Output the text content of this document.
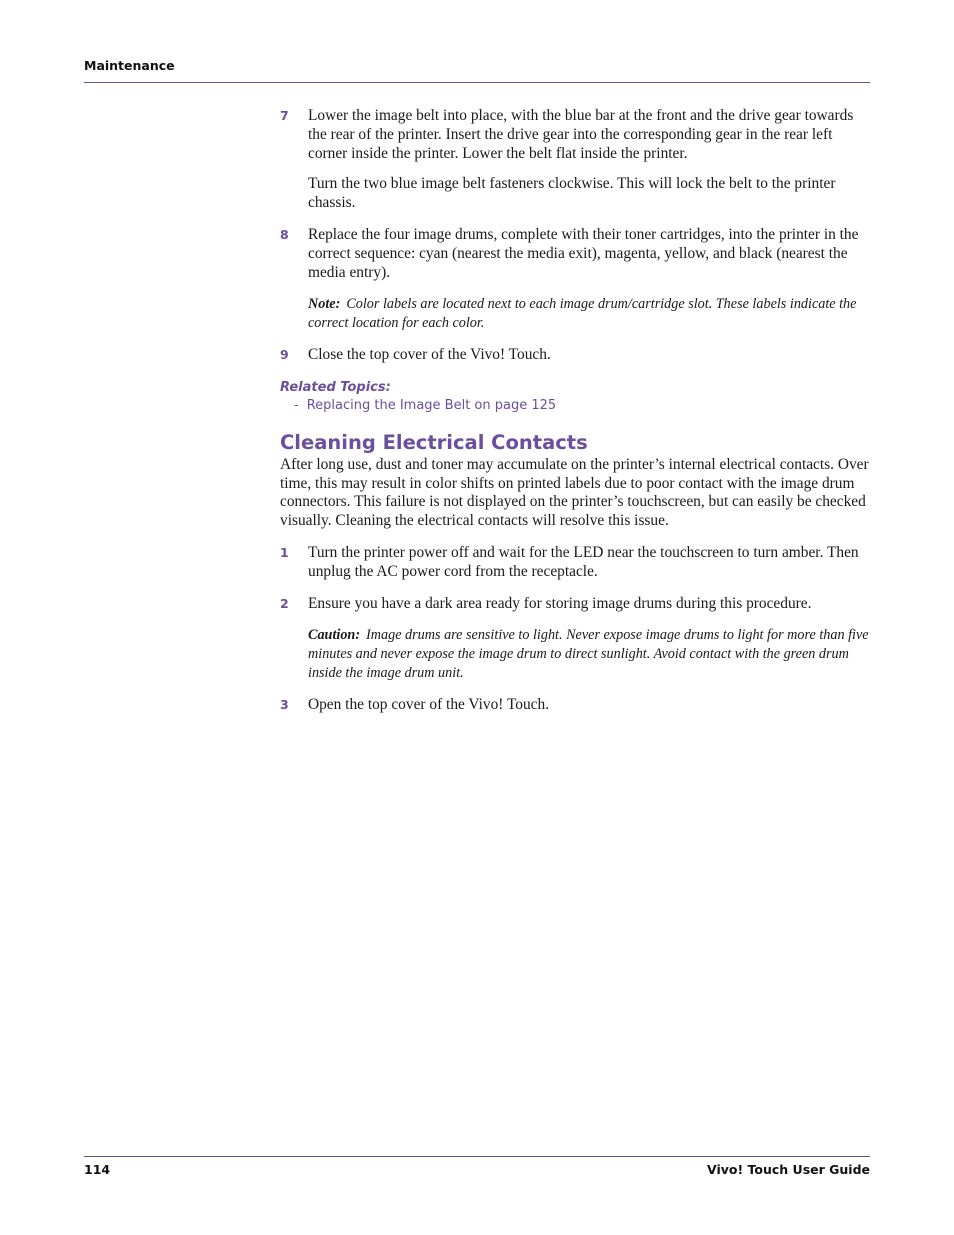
Maintenance
7 Lower the image belt into place, with the blue bar at the front and the drive gear towards the rear of the printer. Insert the drive gear into the corresponding gear in the rear left corner inside the printer. Lower the belt flat inside the printer.
Turn the two blue image belt fasteners clockwise. This will lock the belt to the printer chassis.
8 Replace the four image drums, complete with their toner cartridges, into the printer in the correct sequence: cyan (nearest the media exit), magenta, yellow, and black (nearest the media entry).
Note: Color labels are located next to each image drum/cartridge slot. These labels indicate the correct location for each color.
9 Close the top cover of the Vivo! Touch.
Related Topics:
- Replacing the Image Belt on page 125
Cleaning Electrical Contacts
After long use, dust and toner may accumulate on the printer’s internal electrical contacts. Over time, this may result in color shifts on printed labels due to poor contact with the image drum connectors. This failure is not displayed on the printer’s touchscreen, but can easily be checked visually. Cleaning the electrical contacts will resolve this issue.
1 Turn the printer power off and wait for the LED near the touchscreen to turn amber. Then unplug the AC power cord from the receptacle.
2 Ensure you have a dark area ready for storing image drums during this procedure.
Caution: Image drums are sensitive to light. Never expose image drums to light for more than five minutes and never expose the image drum to direct sunlight. Avoid contact with the green drum inside the image drum unit.
3 Open the top cover of the Vivo! Touch.
114	Vivo! Touch User Guide
